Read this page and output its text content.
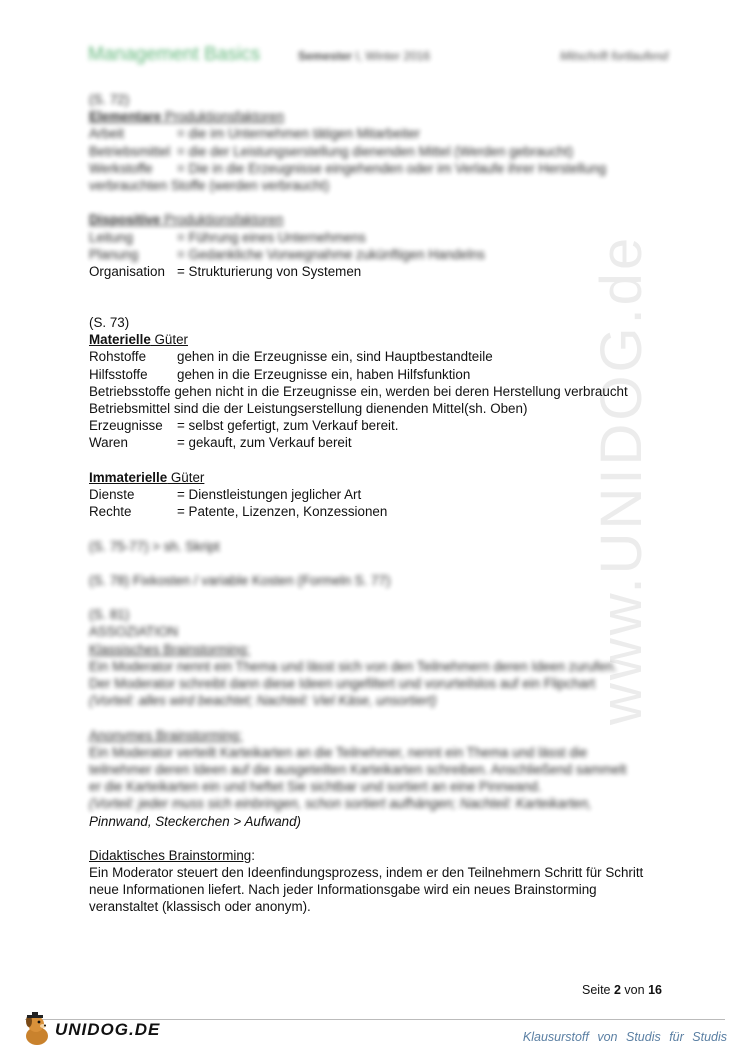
Management Basics	Semester I, Winter 2016	Mitschrift fortlaufend
www.UNIDOG.de
(S. 72)
Elementare Produktionsfaktoren
Arbeit	= die im Unternehmen tätigen Mitarbeiter
Betriebsmittel = die der Leistungserstellung dienenden Mittel (Werden gebraucht)
Werkstoffe = Die in die Erzeugnisse eingehenden oder im Verlaufe ihrer Herstellung
verbrauchten Stoffe (werden verbraucht)
Dispositive Produktionsfaktoren
Leitung	= Führung eines Unternehmens
Planung	= Gedankliche Vorwegnahme zukünftigen Handelns
Organisation = Strukturierung von Systemen
(S. 73)
Materielle Güter
Rohstoffe gehen in die Erzeugnisse ein, sind Hauptbestandteile
Hilfsstoffe gehen in die Erzeugnisse ein, haben Hilfsfunktion
Betriebsstoffe gehen nicht in die Erzeugnisse ein, werden bei deren Herstellung verbraucht
Betriebsmittel sind die der Leistungserstellung dienenden Mittel(sh. Oben)
Erzeugnisse = selbst gefertigt, zum Verkauf bereit.
Waren	= gekauft, zum Verkauf bereit
Immaterielle Güter
Dienste	= Dienstleistungen jeglicher Art
Rechte	= Patente, Lizenzen, Konzessionen
(S. 75-77) > sh. Skript
(S. 78) Fixkosten / variable Kosten (Formeln S. 77)
(S. 81)
ASSOZIATION
Klassisches Brainstorming:
Ein Moderator nennt ein Thema und lässt sich von den Teilnehmern deren Ideen zurufen.
Der Moderator schreibt dann diese Ideen ungefiltert und vorurteilslos auf ein Flipchart
(Vorteil: alles wird beachtet; Nachteil: Viel Käse, unsortiert)
Anonymes Brainstorming:
Ein Moderator verteilt Karteikarten an die Teilnehmer, nennt ein Thema und lässt die
teilnehmer deren Ideen auf die ausgeteilten Karteikarten schreiben. Anschließend sammelt
er die Karteikarten ein und heftet Sie sichtbar und sortiert an eine Pinnwand.
(Vorteil: jeder muss sich einbringen, schon sortiert aufhängen; Nachteil: Karteikarten,
Pinnwand, Steckerchen > Aufwand)
Didaktisches Brainstorming:
Ein Moderator steuert den Ideenfindungsprozess, indem er den Teilnehmern Schritt für Schritt neue Informationen liefert. Nach jeder Informationsgabe wird ein neues Brainstorming veranstaltet (klassisch oder anonym).
Seite 2 von 16
UNIDOG.DE	Klausurstoff von Studis für Studis
